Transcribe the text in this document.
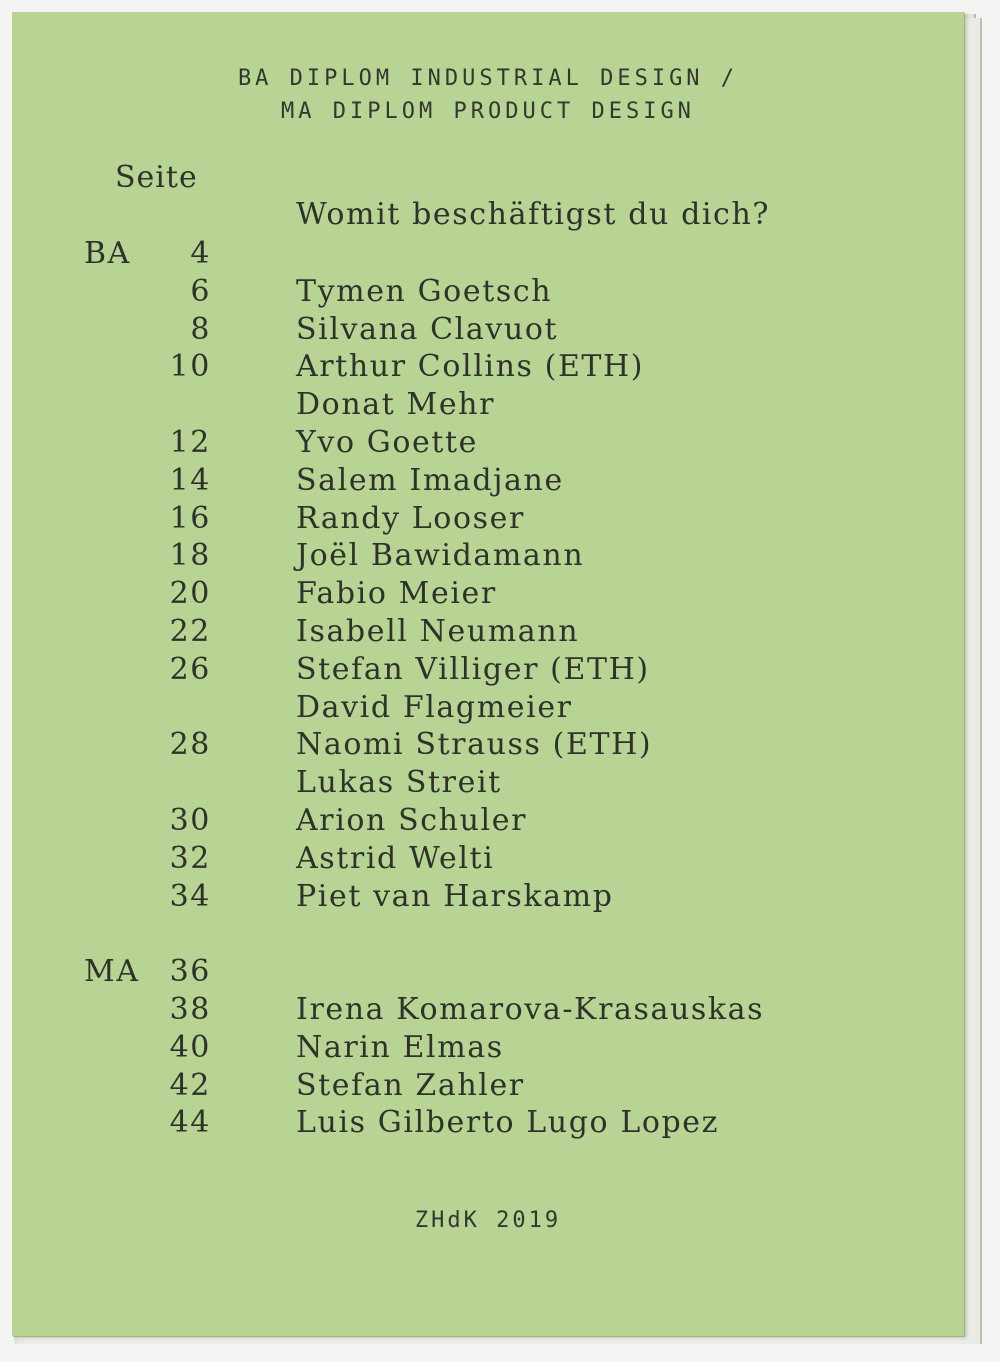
BA DIPLOM INDUSTRIAL DESIGN /
MA DIPLOM PRODUCT DESIGN
Seite
Womit beschäftigst du dich?
BA 4
6	Tymen Goetsch
8	Silvana Clavuot
10	Arthur Collins (ETH)
Donat Mehr
12	Yvo Goette
14	Salem Imadjane
16	Randy Looser
18	Joël Bawidamann
20	Fabio Meier
22	Isabell Neumann
26	Stefan Villiger (ETH)
David Flagmeier
28	Naomi Strauss (ETH)
Lukas Streit
30	Arion Schuler
32	Astrid Welti
34	Piet van Harskamp
MA 36
38	Irena Komarova-Krasauskas
40	Narin Elmas
42	Stefan Zahler
44	Luis Gilberto Lugo Lopez
ZHdK 2019
